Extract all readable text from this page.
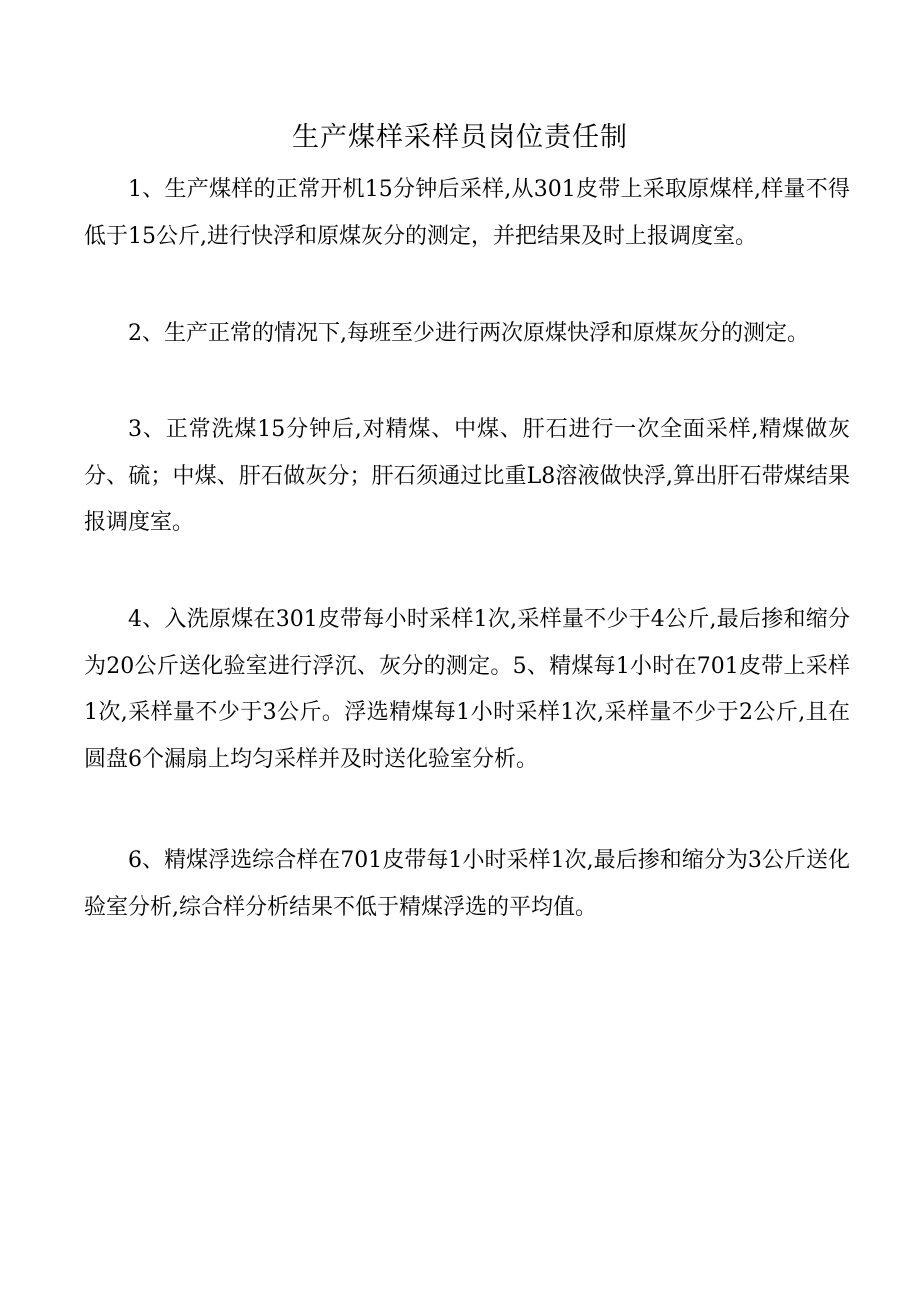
生产煤样采样员岗位责任制

1、生产煤样的正常开机15分钟后采样,从301皮带上采取原煤样,样量不得低于15公斤,进行快浮和原煤灰分的测定，并把结果及时上报调度室。

2、生产正常的情况下,每班至少进行两次原煤快浮和原煤灰分的测定。

3、正常洗煤15分钟后,对精煤、中煤、肝石进行一次全面采样,精煤做灰分、硫；中煤、肝石做灰分；肝石须通过比重L8溶液做快浮,算出肝石带煤结果报调度室。

4、入洗原煤在301皮带每小时采样1次,采样量不少于4公斤,最后掺和缩分为20公斤送化验室进行浮沉、灰分的测定。5、精煤每1小时在701皮带上采样1次,采样量不少于3公斤。浮选精煤每1小时采样1次,采样量不少于2公斤,且在圆盘6个漏扇上均匀采样并及时送化验室分析。

6、精煤浮选综合样在701皮带每1小时采样1次,最后掺和缩分为3公斤送化验室分析,综合样分析结果不低于精煤浮选的平均值。
